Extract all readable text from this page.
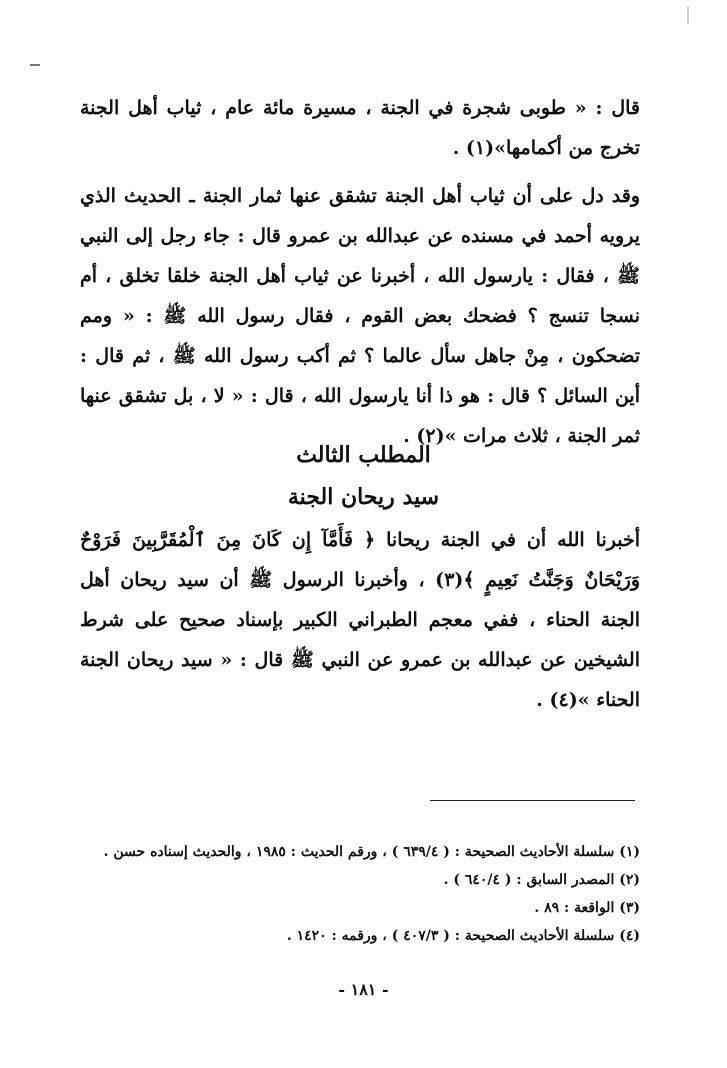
قال : « طوبى شجرة في الجنة ، مسيرة مائة عام ، ثياب أهل الجنة تخرج من أكمامها»(١) .

وقد دل على أن ثياب أهل الجنة تشقق عنها ثمار الجنة ـ الحديث الذي يرويه أحمد في مسنده عن عبدالله بن عمرو قال : جاء رجل إلى النبي ﷺ ، فقال : يارسول الله ، أخبرنا عن ثياب أهل الجنة خلقا تخلق ، أم نسجا تنسج ؟ فضحك بعض القوم ، فقال رسول الله ﷺ : « ومم تضحكون ، مِنْ جاهل سأل عالما ؟ ثم أكب رسول الله ﷺ ، ثم قال : أين السائل ؟ قال : هو ذا أنا يارسول الله ، قال : « لا ، بل تشقق عنها ثمر الجنة ، ثلاث مرات »(٢) .

المطلب الثالث
سيد ريحان الجنة

أخبرنا الله أن في الجنة ريحانا ﴿ فَأَمَّآ إِن كَانَ مِنَ ٱلْمُقَرَّبِينَ فَرَوْحٌ وَرَيْحَانٌ وَجَنَّتُ نَعِيمٍ ﴾(٣) ، وأخبرنا الرسول ﷺ أن سيد ريحان أهل الجنة الحناء ، ففي معجم الطبراني الكبير بإسناد صحيح على شرط الشيخين عن عبدالله بن عمرو عن النبي ﷺ قال : « سيد ريحان الجنة الحناء »(٤) .

(١) سلسلة الأحاديث الصحيحة : ( ٦٣٩/٤ ) ، ورقم الحديث : ١٩٨٥ ، والحديث إسناده حسن .
(٢) المصدر السابق : ( ٦٤٠/٤ ) .
(٣) الواقعة : ٨٩ .
(٤) سلسلة الأحاديث الصحيحة : ( ٤٠٧/٣ ) ، ورقمه : ١٤٢٠ .
- ١٨١ -
